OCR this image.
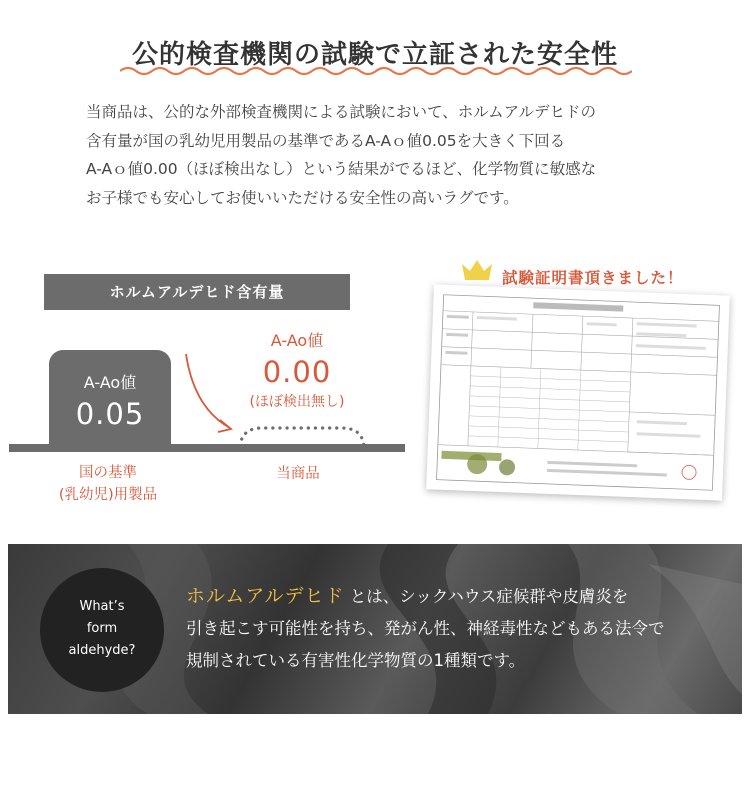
公的検査機関の試験で立証された安全性

当商品は、公的な外部検査機関による試験において、ホルムアルデヒドの

含有量が国の乳幼児用製品の基準であるA-Aｏ値0.05を大きく下回る

A-Aｏ値0.00（ほぼ検出なし）という結果がでるほど、化学物質に敏感な

お子様でも安心してお使いいただける安全性の高いラグです。

ホルムアルデヒド含有量
A-Ao値
0.05
A-Ao値
0.00
(ほぼ検出無し)
国の基準
(乳幼児)用製品
当商品
試験証明書頂きました！
What’s
form
aldehyde?

ホルムアルデヒド とは、シックハウス症候群や皮膚炎を

引き起こす可能性を持ち、発がん性、神経毒性などもある法令で

規制されている有害性化学物質の1種類です。
